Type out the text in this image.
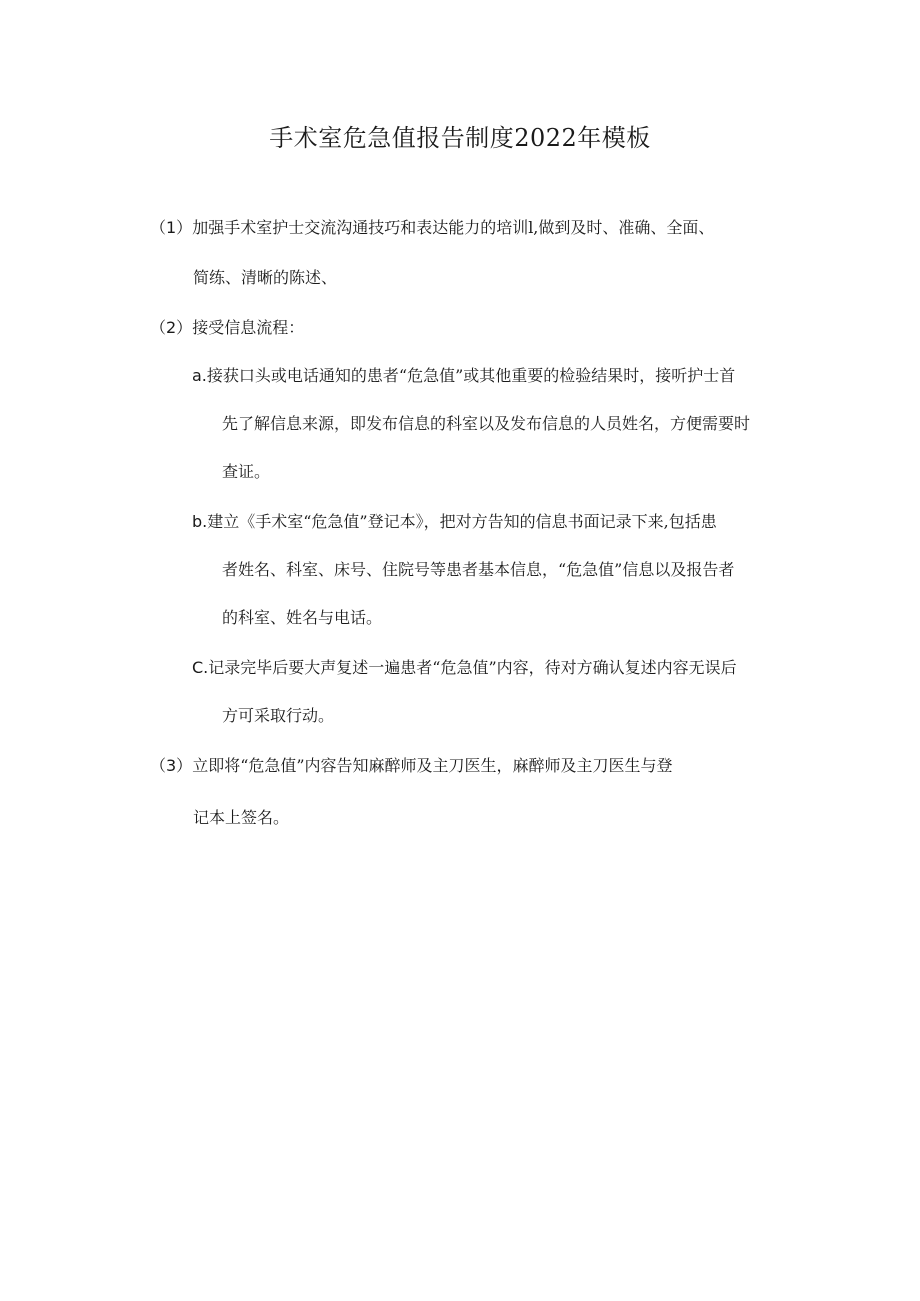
手术室危急值报告制度2022年模板
（1）加强手术室护士交流沟通技巧和表达能力的培训l,做到及时、准确、全面、
简练、清晰的陈述、
（2）接受信息流程：
a.接获口头或电话通知的患者“危急值”或其他重要的检验结果时，接听护士首
先了解信息来源，即发布信息的科室以及发布信息的人员姓名，方便需要时
查证。
b.建立《手术室“危急值”登记本》，把对方告知的信息书面记录下来,包括患
者姓名、科室、床号、住院号等患者基本信息，“危急值”信息以及报告者
的科室、姓名与电话。
C.记录完毕后要大声复述一遍患者“危急值”内容，待对方确认复述内容无误后
方可采取行动。
（3）立即将“危急值”内容告知麻醉师及主刀医生，麻醉师及主刀医生与登
记本上签名。
